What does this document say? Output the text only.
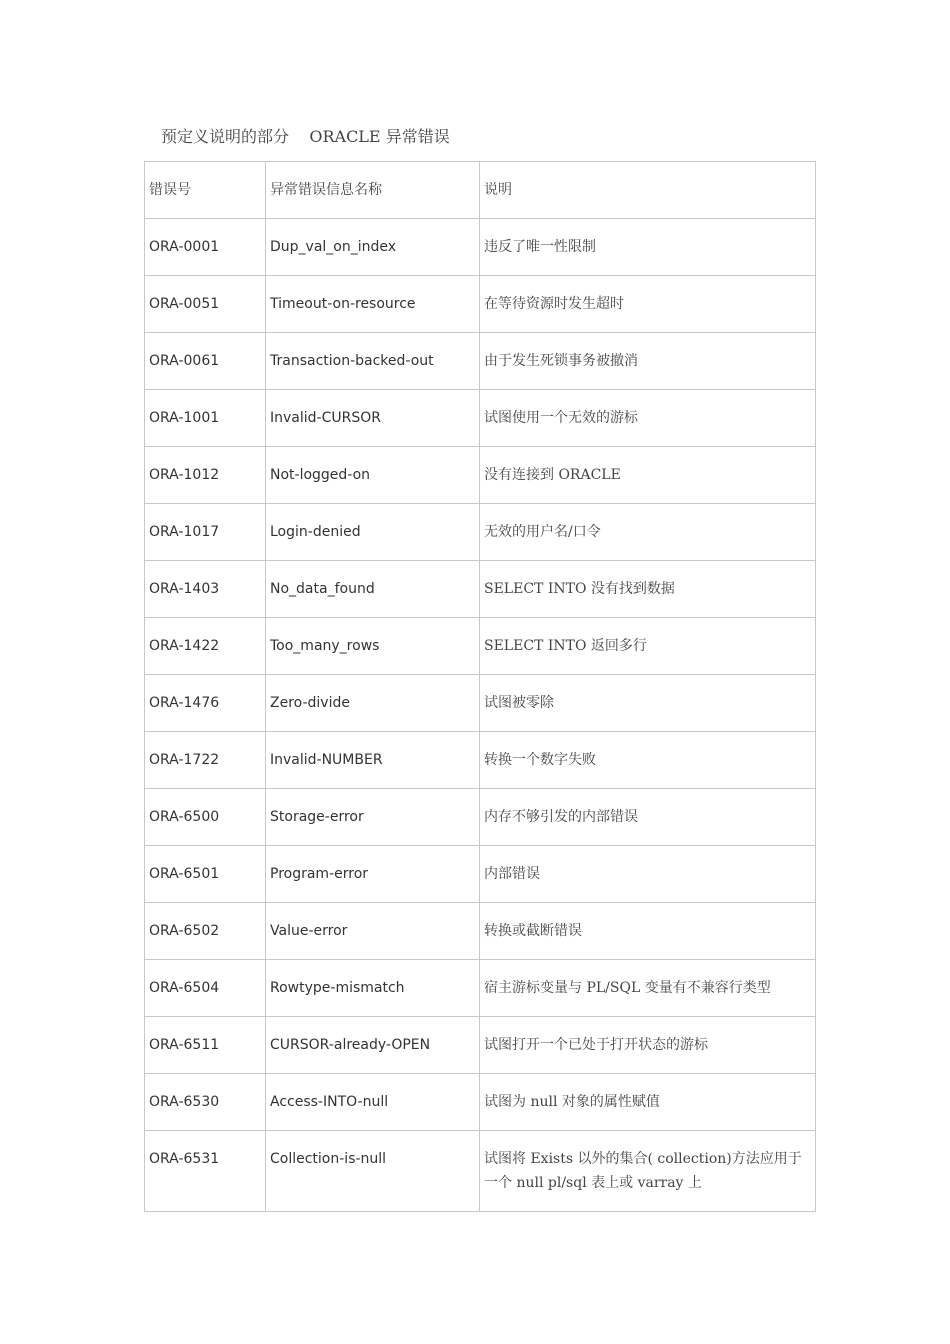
预定义说明的部分    ORACLE 异常错误
错误号	异常错误信息名称	说明

ORA-0001	Dup_val_on_index	违反了唯一性限制

ORA-0051	Timeout-on-resource	在等待资源时发生超时

ORA-0061	Transaction-backed-out	由于发生死锁事务被撤消

ORA-1001	Invalid-CURSOR	试图使用一个无效的游标

ORA-1012	Not-logged-on	没有连接到 ORACLE

ORA-1017	Login-denied	无效的用户名/口令

ORA-1403	No_data_found	SELECT INTO 没有找到数据

ORA-1422	Too_many_rows	SELECT INTO 返回多行

ORA-1476	Zero-divide	试图被零除

ORA-1722	Invalid-NUMBER	转换一个数字失败

ORA-6500	Storage-error	内存不够引发的内部错误

ORA-6501	Program-error	内部错误

ORA-6502	Value-error	转换或截断错误

ORA-6504	Rowtype-mismatch	宿主游标变量与 PL/SQL 变量有不兼容行类型

ORA-6511	CURSOR-already-OPEN	试图打开一个已处于打开状态的游标

ORA-6530	Access-INTO-null	试图为 null 对象的属性赋值

ORA-6531	Collection-is-null	试图将 Exists 以外的集合( collection)方法应用于一个 null pl/sql 表上或 varray 上
